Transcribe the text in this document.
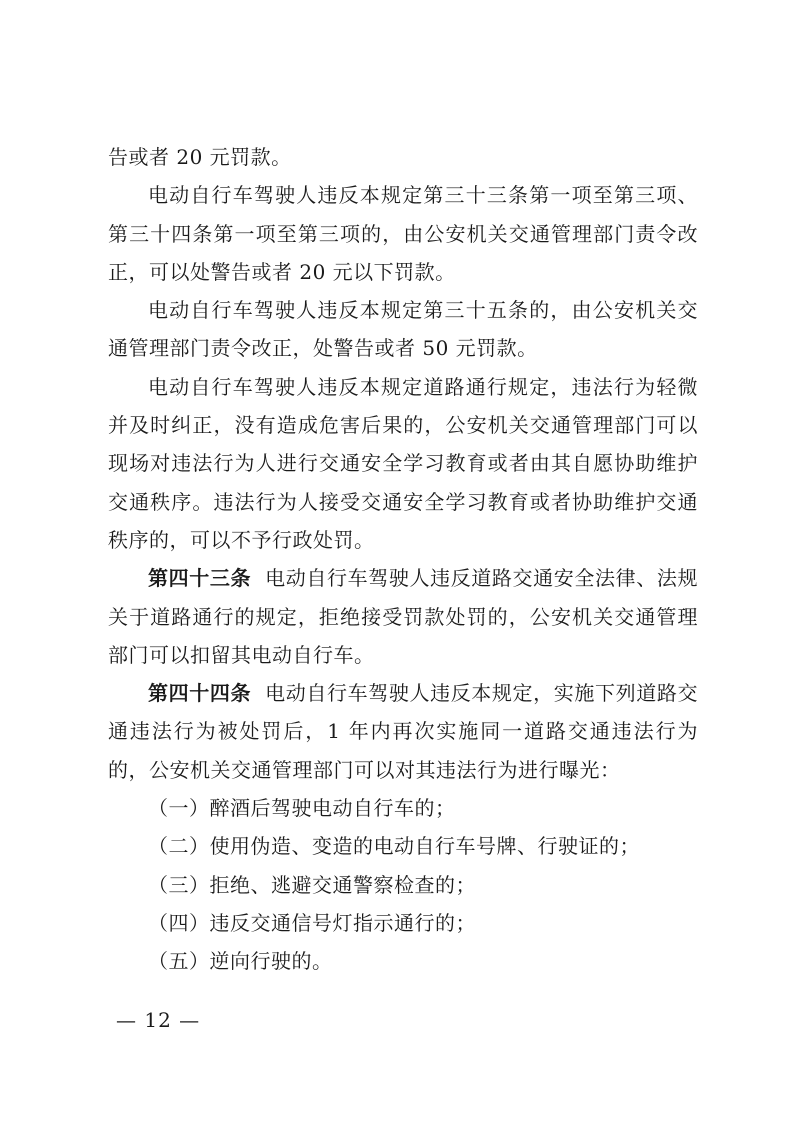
告或者 20 元罚款。

电动自行车驾驶人违反本规定第三十三条第一项至第三项、第三十四条第一项至第三项的，由公安机关交通管理部门责令改正，可以处警告或者 20 元以下罚款。

电动自行车驾驶人违反本规定第三十五条的，由公安机关交通管理部门责令改正，处警告或者 50 元罚款。

电动自行车驾驶人违反本规定道路通行规定，违法行为轻微并及时纠正，没有造成危害后果的，公安机关交通管理部门可以现场对违法行为人进行交通安全学习教育或者由其自愿协助维护交通秩序。违法行为人接受交通安全学习教育或者协助维护交通秩序的，可以不予行政处罚。

第四十三条 电动自行车驾驶人违反道路交通安全法律、法规关于道路通行的规定，拒绝接受罚款处罚的，公安机关交通管理部门可以扣留其电动自行车。

第四十四条 电动自行车驾驶人违反本规定，实施下列道路交通违法行为被处罚后，1 年内再次实施同一道路交通违法行为的，公安机关交通管理部门可以对其违法行为进行曝光：

（一）醉酒后驾驶电动自行车的；

（二）使用伪造、变造的电动自行车号牌、行驶证的；

（三）拒绝、逃避交通警察检查的；

（四）违反交通信号灯指示通行的；

（五）逆向行驶的。

— 12 —
